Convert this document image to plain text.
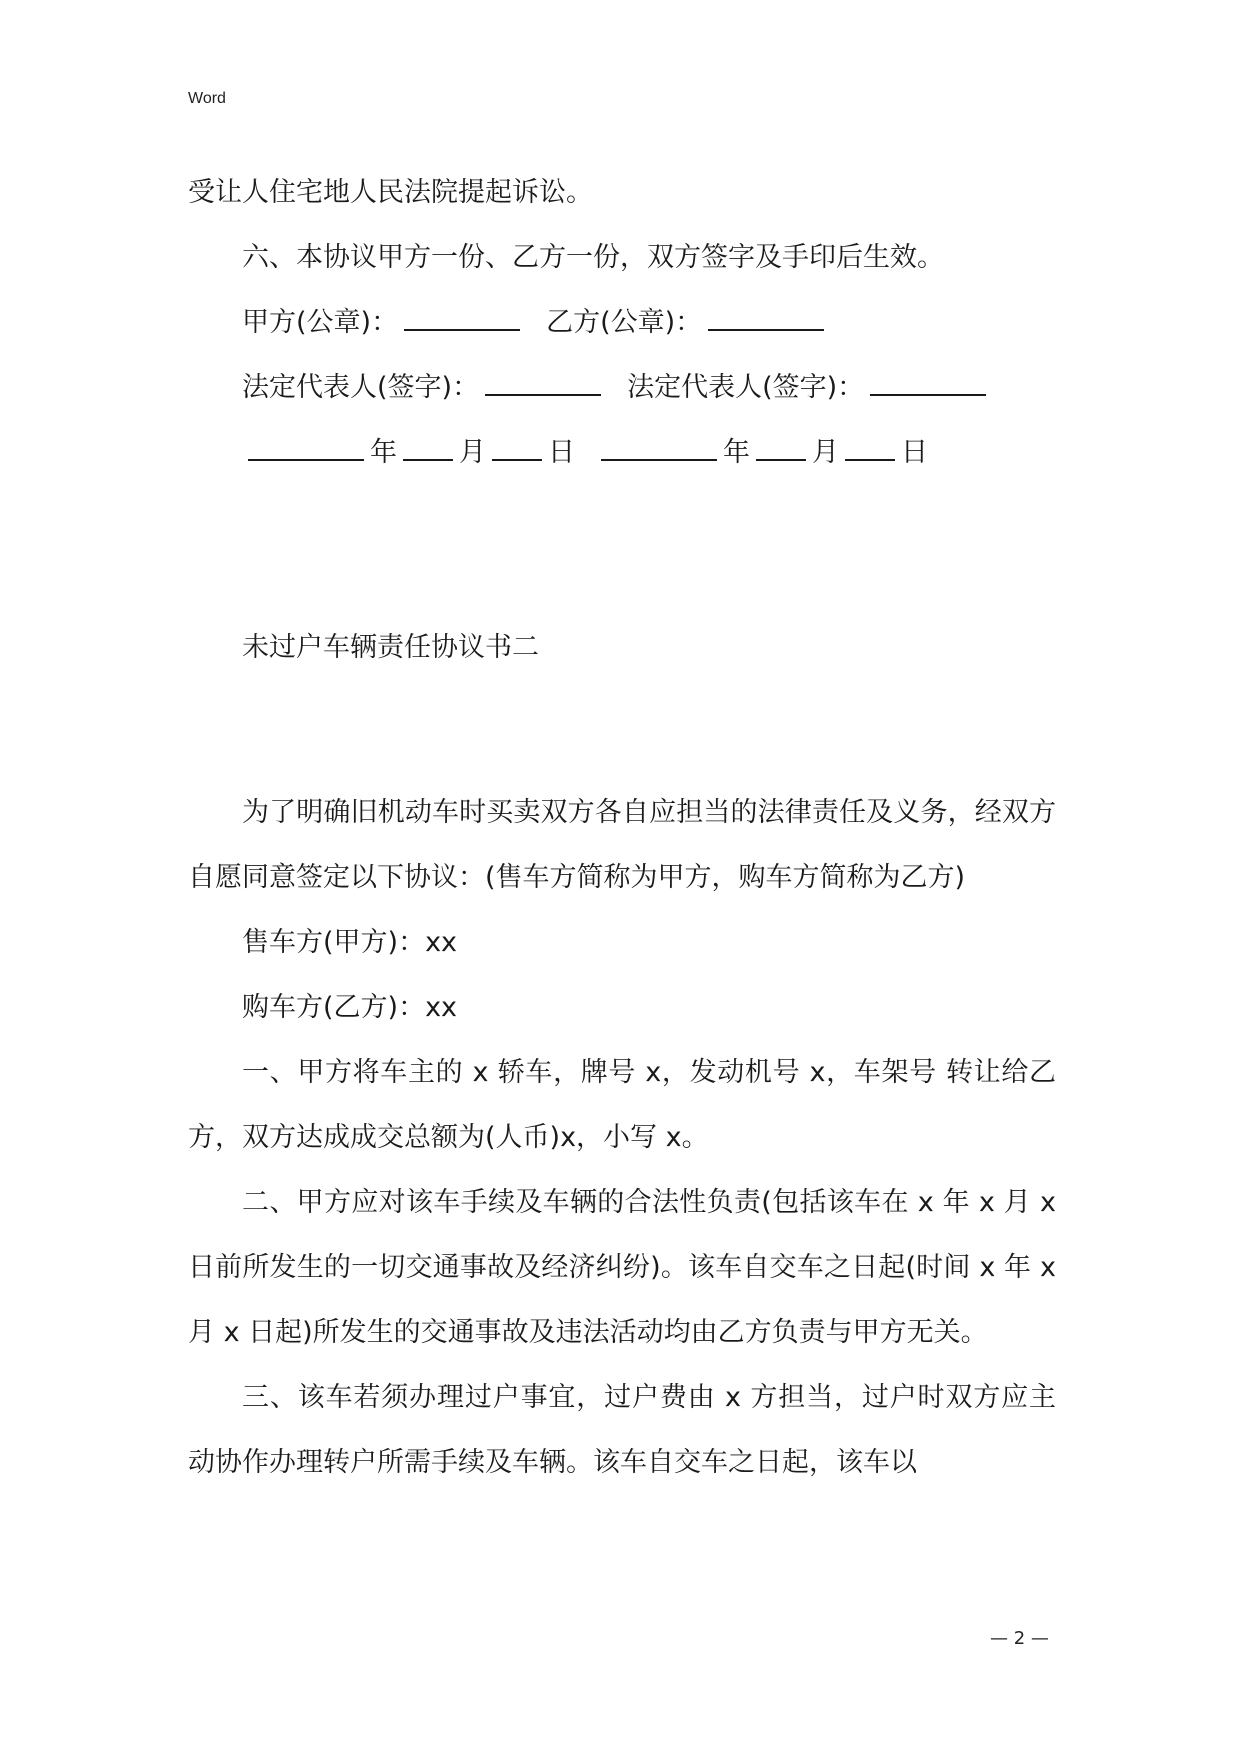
Word

受让人住宅地人民法院提起诉讼。

六、本协议甲方一份、乙方一份，双方签字及手印后生效。

甲方(公章)：	乙方(公章)：

法定代表人(签字)：	法定代表人(签字)：

年 月 日	年 月 日

未过户车辆责任协议书二

为了明确旧机动车时买卖双方各自应担当的法律责任及义务，经双方自愿同意签定以下协议：(售车方简称为甲方，购车方简称为乙方)

售车方(甲方)：xx

购车方(乙方)：xx

一、甲方将车主的 x 轿车，牌号 x，发动机号 x，车架号 转让给乙方，双方达成成交总额为(人币)x，小写 x。

二、甲方应对该车手续及车辆的合法性负责(包括该车在 x 年 x 月 x 日前所发生的一切交通事故及经济纠纷)。该车自交车之日起(时间 x 年 x 月 x 日起)所发生的交通事故及违法活动均由乙方负责与甲方无关。

三、该车若须办理过户事宜，过户费由 x 方担当，过户时双方应主动协作办理转户所需手续及车辆。该车自交车之日起，该车以

— 2 —
